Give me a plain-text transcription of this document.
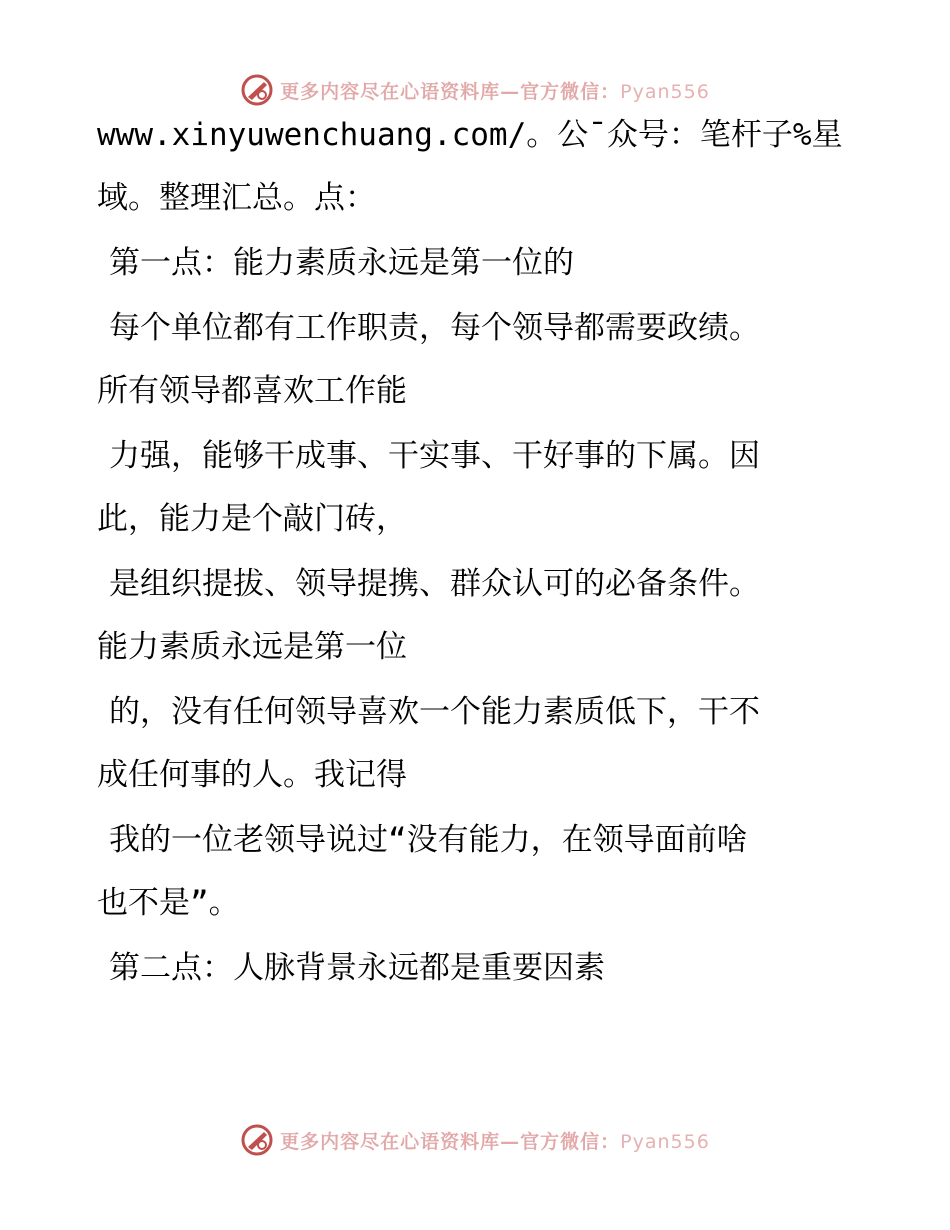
更多内容尽在心语资料库—官方微信：Pyan556
www.xinyuwenchuang.com/。公¯众号：笔杆子%星
域。整理汇总。点：
第一点：能力素质永远是第一位的
每个单位都有工作职责，每个领导都需要政绩。
所有领导都喜欢工作能
力强，能够干成事、干实事、干好事的下属。因
此，能力是个敲门砖，
是组织提拔、领导提携、群众认可的必备条件。
能力素质永远是第一位
的，没有任何领导喜欢一个能力素质低下，干不
成任何事的人。我记得
我的一位老领导说过“没有能力，在领导面前啥
也不是”。
第二点：人脉背景永远都是重要因素
更多内容尽在心语资料库—官方微信：Pyan556
